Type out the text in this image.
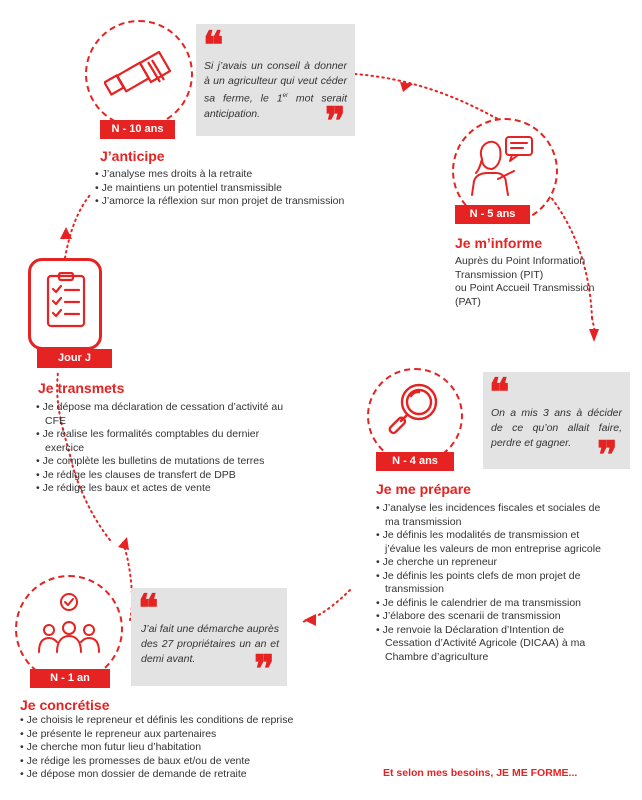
N - 10 ans
J’anticipe
• J’analyse mes droits à la retraite
• Je maintiens un potentiel transmissible
• J’amorce la réflexion sur mon projet de transmission
❝
Si j’avais un conseil à donner à un agriculteur qui veut céder sa ferme, le 1er mot serait anticipation.	❞
N - 5 ans
Je m’informe
Auprès du Point Information
Transmission (PIT)
ou Point Accueil Transmission
(PAT)
Jour J
Je transmets
• Je dépose ma déclaration de cessation d’activité au CFE
• Je réalise les formalités comptables du dernier exercice
• Je complète les bulletins de mutations de terres
• Je rédige les clauses de transfert de DPB
• Je rédige les baux et actes de vente
N - 4 ans
Je me prépare
• J’analyse les incidences fiscales et sociales de ma transmission
• Je définis les modalités de transmission et j’évalue les valeurs de mon entreprise agricole
• Je cherche un repreneur
• Je définis les points clefs de mon projet de transmission
• Je définis le calendrier de ma transmission
• J’élabore des scenarii de transmission
• Je renvoie la Déclaration d’Intention de Cessation d’Activité Agricole (DICAA) à ma Chambre d’agriculture
❝
On a mis 3 ans à décider de ce qu’on allait faire, perdre et gagner. ❞
N - 1 an
Je concrétise
• Je choisis le repreneur et définis les conditions de reprise
• Je présente le repreneur aux partenaires
• Je cherche mon futur lieu d’habitation
• Je rédige les promesses de baux et/ou de vente
• Je dépose mon dossier de demande de retraite
❝
J’ai fait une démarche auprès des 27 propriétaires un an et demi avant.	❞
Et selon mes besoins, JE ME FORME...
